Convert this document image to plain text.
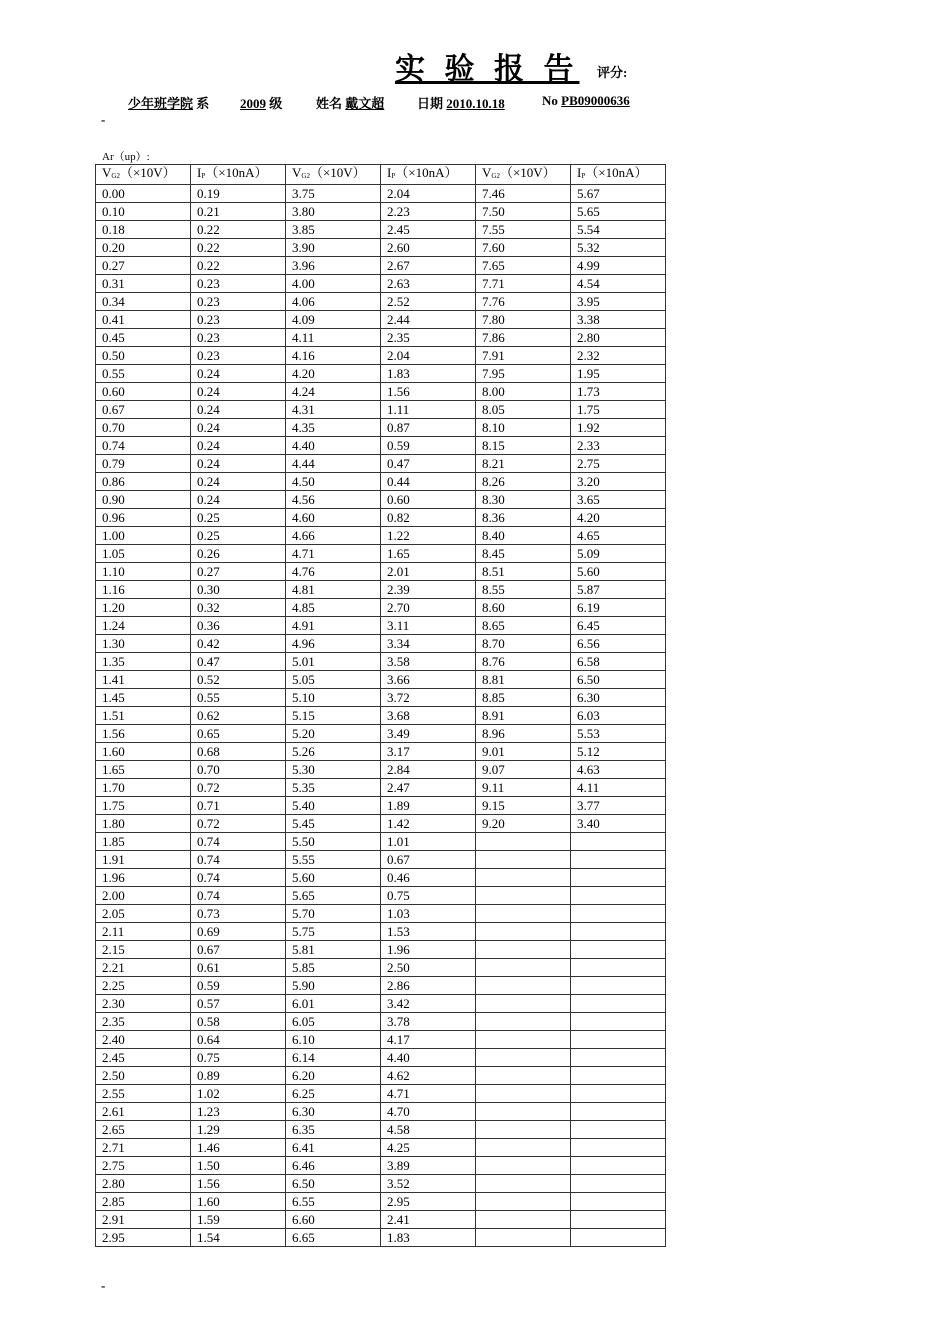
实 验 报 告 评分:
少年班学院 系 2009 级	姓名 戴文超	日期 2010.10.18	No PB09000636
-
Ar（up）:
VG2（×10V）	IP（×10nA）	VG2（×10V）	IP（×10nA）	VG2（×10V）	IP（×10nA）
0.00	0.19	3.75	2.04	7.46	5.67
0.10	0.21	3.80	2.23	7.50	5.65
0.18	0.22	3.85	2.45	7.55	5.54
0.20	0.22	3.90	2.60	7.60	5.32
0.27	0.22	3.96	2.67	7.65	4.99
0.31	0.23	4.00	2.63	7.71	4.54
0.34	0.23	4.06	2.52	7.76	3.95
0.41	0.23	4.09	2.44	7.80	3.38
0.45	0.23	4.11	2.35	7.86	2.80
0.50	0.23	4.16	2.04	7.91	2.32
0.55	0.24	4.20	1.83	7.95	1.95
0.60	0.24	4.24	1.56	8.00	1.73
0.67	0.24	4.31	1.11	8.05	1.75
0.70	0.24	4.35	0.87	8.10	1.92
0.74	0.24	4.40	0.59	8.15	2.33
0.79	0.24	4.44	0.47	8.21	2.75
0.86	0.24	4.50	0.44	8.26	3.20
0.90	0.24	4.56	0.60	8.30	3.65
0.96	0.25	4.60	0.82	8.36	4.20
1.00	0.25	4.66	1.22	8.40	4.65
1.05	0.26	4.71	1.65	8.45	5.09
1.10	0.27	4.76	2.01	8.51	5.60
1.16	0.30	4.81	2.39	8.55	5.87
1.20	0.32	4.85	2.70	8.60	6.19
1.24	0.36	4.91	3.11	8.65	6.45
1.30	0.42	4.96	3.34	8.70	6.56
1.35	0.47	5.01	3.58	8.76	6.58
1.41	0.52	5.05	3.66	8.81	6.50
1.45	0.55	5.10	3.72	8.85	6.30
1.51	0.62	5.15	3.68	8.91	6.03
1.56	0.65	5.20	3.49	8.96	5.53
1.60	0.68	5.26	3.17	9.01	5.12
1.65	0.70	5.30	2.84	9.07	4.63
1.70	0.72	5.35	2.47	9.11	4.11
1.75	0.71	5.40	1.89	9.15	3.77
1.80	0.72	5.45	1.42	9.20	3.40
1.85	0.74	5.50	1.01		
1.91	0.74	5.55	0.67		
1.96	0.74	5.60	0.46		
2.00	0.74	5.65	0.75		
2.05	0.73	5.70	1.03		
2.11	0.69	5.75	1.53		
2.15	0.67	5.81	1.96		
2.21	0.61	5.85	2.50		
2.25	0.59	5.90	2.86		
2.30	0.57	6.01	3.42		
2.35	0.58	6.05	3.78		
2.40	0.64	6.10	4.17		
2.45	0.75	6.14	4.40		
2.50	0.89	6.20	4.62		
2.55	1.02	6.25	4.71		
2.61	1.23	6.30	4.70		
2.65	1.29	6.35	4.58		
2.71	1.46	6.41	4.25		
2.75	1.50	6.46	3.89		
2.80	1.56	6.50	3.52		
2.85	1.60	6.55	2.95		
2.91	1.59	6.60	2.41		
2.95	1.54	6.65	1.83		
-
